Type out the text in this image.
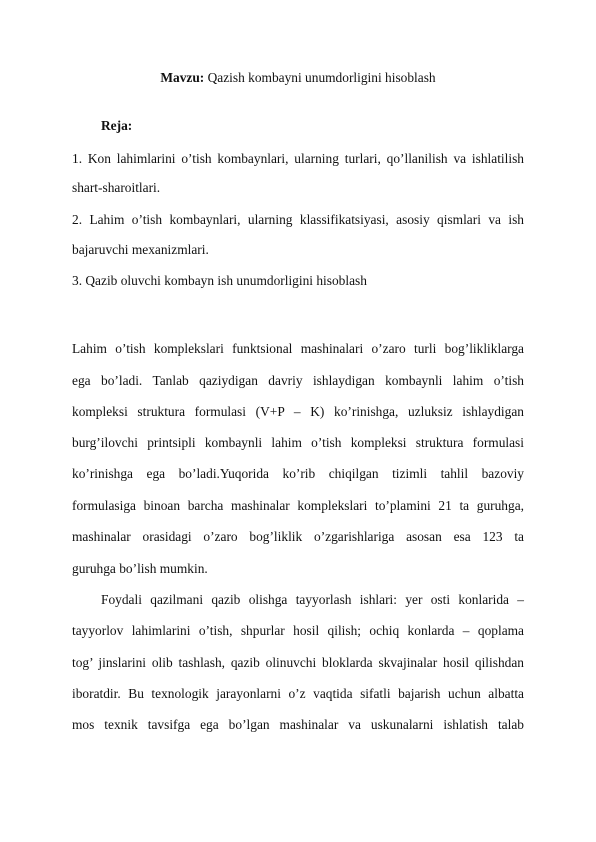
Mavzu: Qazish kombayni unumdorligini hisoblash
Reja:
1. Kon lahimlarini o’tish kombaynlari, ularning turlari, qo’llanilish va ishlatilish
shart-sharoitlari.
2. Lahim o’tish kombaynlari, ularning klassifikatsiyasi, asosiy qismlari va ish
bajaruvchi mexanizmlari.
3. Qazib oluvchi kombayn ish unumdorligini hisoblash
Lahim o’tish komplekslari funktsional mashinalari o’zaro turli bog’likliklarga
ega bo’ladi. Tanlab qaziydigan davriy ishlaydigan kombaynli lahim o’tish
kompleksi struktura formulasi (V+P – K) ko’rinishga, uzluksiz ishlaydigan
burg’ilovchi printsipli kombaynli lahim o’tish kompleksi struktura formulasi
ko’rinishga ega bo’ladi.Yuqorida ko’rib chiqilgan tizimli tahlil bazoviy
formulasiga binoan barcha mashinalar komplekslari to’plamini 21 ta guruhga,
mashinalar orasidagi o’zaro bog’liklik o’zgarishlariga asosan esa 123 ta
guruhga bo’lish mumkin.
Foydali qazilmani qazib olishga tayyorlash ishlari: yer osti konlarida –
tayyorlov lahimlarini o’tish, shpurlar hosil qilish; ochiq konlarda – qoplama
tog’ jinslarini olib tashlash, qazib olinuvchi bloklarda skvajinalar hosil qilishdan
iboratdir. Bu texnologik jarayonlarni o’z vaqtida sifatli bajarish uchun albatta
mos texnik tavsifga ega bo’lgan mashinalar va uskunalarni ishlatish talab
